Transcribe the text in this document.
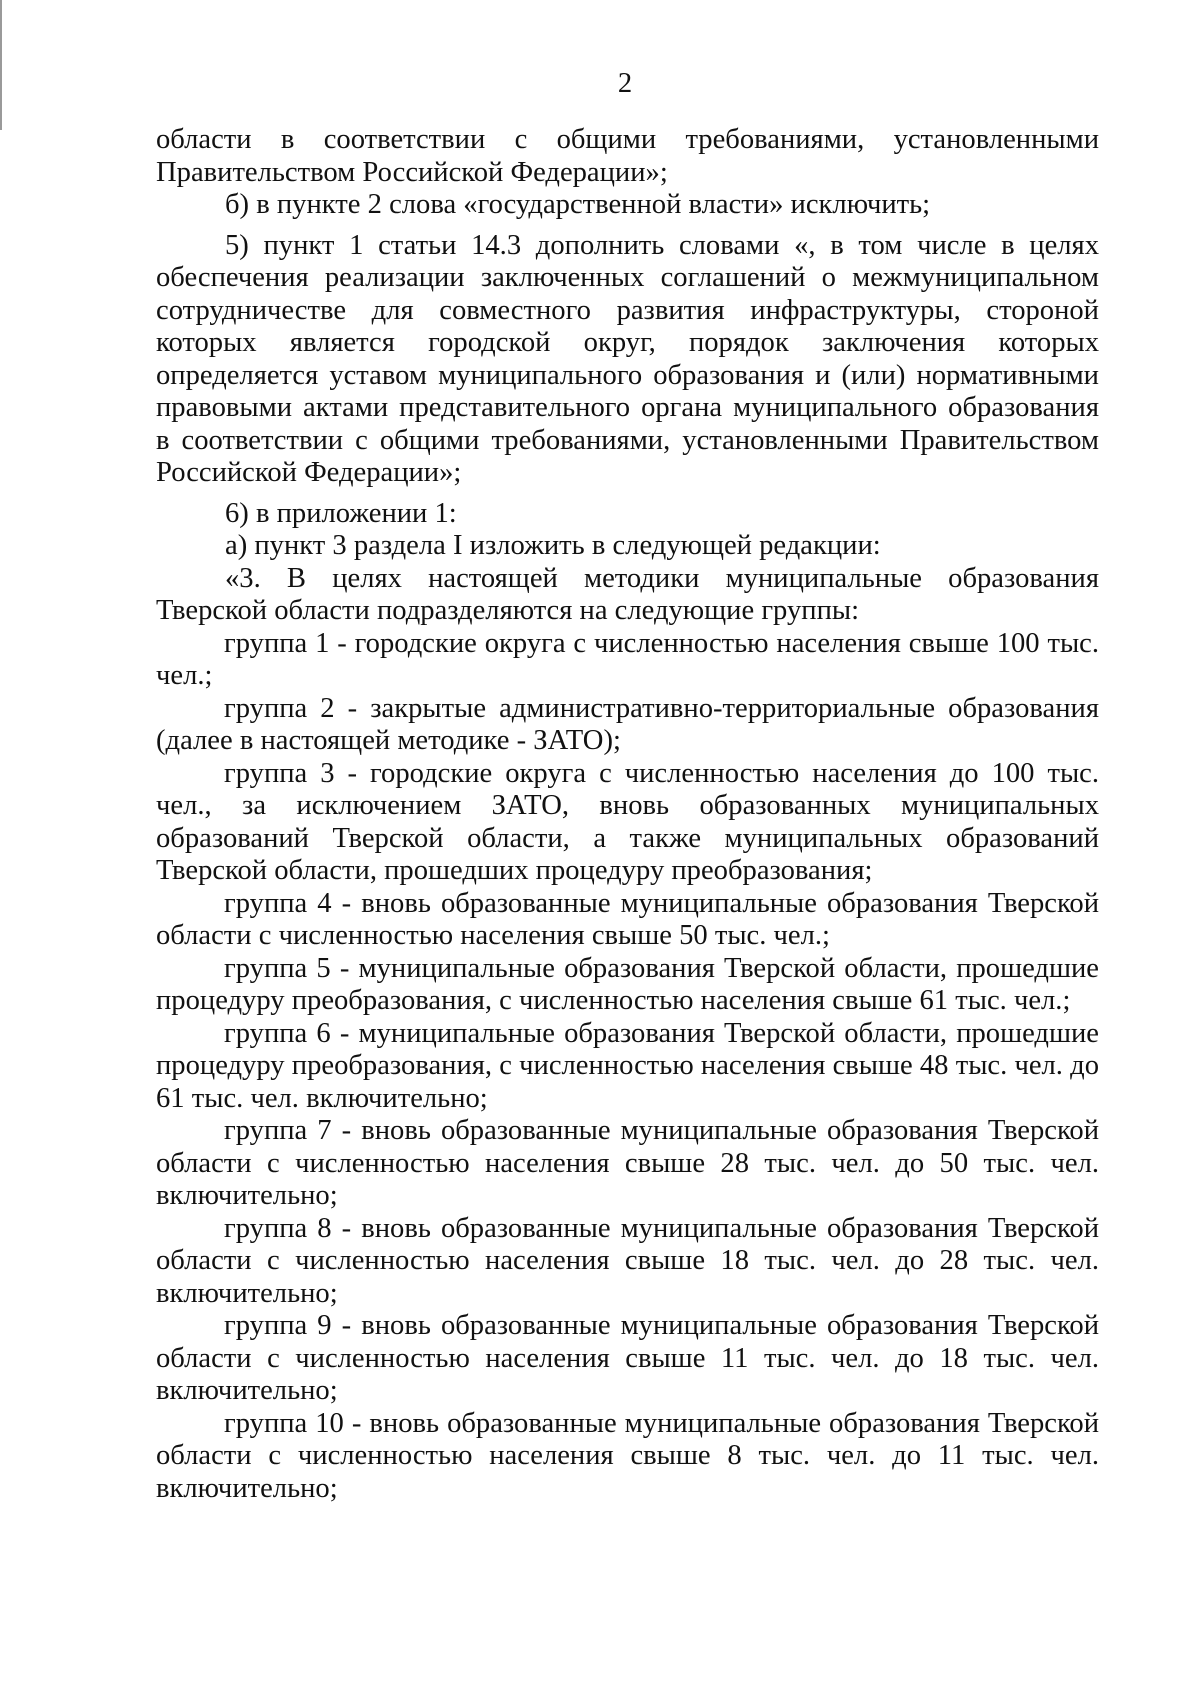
2

области в соответствии с общими требованиями, установленными Правительством Российской Федерации»;

б) в пункте 2 слова «государственной власти» исключить;

5) пункт 1 статьи 14.3 дополнить словами «, в том числе в целях обеспечения реализации заключенных соглашений о межмуниципальном сотрудничестве для совместного развития инфраструктуры, стороной которых является городской округ, порядок заключения которых определяется уставом муниципального образования и (или) нормативными правовыми актами представительного органа муниципального образования в соответствии с общими требованиями, установленными Правительством Российской Федерации»;

6) в приложении 1:

а) пункт 3 раздела I изложить в следующей редакции:

«3. В целях настоящей методики муниципальные образования Тверской области подразделяются на следующие группы:

группа 1 - городские округа с численностью населения свыше 100 тыс. чел.;

группа 2 - закрытые административно-территориальные образования (далее в настоящей методике - ЗАТО);

группа 3 - городские округа с численностью населения до 100 тыс. чел., за исключением ЗАТО, вновь образованных муниципальных образований Тверской области, а также муниципальных образований Тверской области, прошедших процедуру преобразования;

группа 4 - вновь образованные муниципальные образования Тверской области с численностью населения свыше 50 тыс. чел.;

группа 5 - муниципальные образования Тверской области, прошедшие процедуру преобразования, с численностью населения свыше 61 тыс. чел.;

группа 6 - муниципальные образования Тверской области, прошедшие процедуру преобразования, с численностью населения свыше 48 тыс. чел. до 61 тыс. чел. включительно;

группа 7 - вновь образованные муниципальные образования Тверской области с численностью населения свыше 28 тыс. чел. до 50 тыс. чел. включительно;

группа 8 - вновь образованные муниципальные образования Тверской области с численностью населения свыше 18 тыс. чел. до 28 тыс. чел. включительно;

группа 9 - вновь образованные муниципальные образования Тверской области с численностью населения свыше 11 тыс. чел. до 18 тыс. чел. включительно;

группа 10 - вновь образованные муниципальные образования Тверской области с численностью населения свыше 8 тыс. чел. до 11 тыс. чел. включительно;
